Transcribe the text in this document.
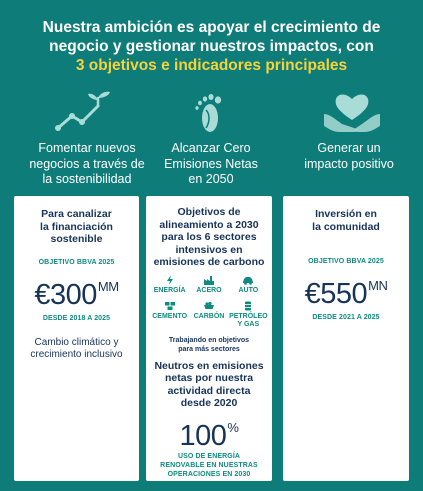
Nuestra ambición es apoyar el crecimiento de
negocio y gestionar nuestros impactos, con
3 objetivos e indicadores principales
Fomentar nuevos
negocios a través de
la sostenibilidad
Alcanzar Cero
Emisiones Netas
en 2050
Generar un
impacto positivo
Para canalizar
la financiación
sostenible
OBJETIVO BBVA 2025
$€300^{MM}$
DESDE 2018 A 2025
Cambio climático y
crecimiento inclusivo
Objetivos de
alineamiento a 2030
para los 6 sectores
intensivos en
emisiones de carbono
ENERGÍA ACERO AUTO
CEMENTO CARBÓN PETRÓLEO
Y GAS
Trabajando en objetivos
para más sectores
Neutros en emisiones
netas por nuestra
actividad directa
desde 2020
100%
USO DE ENERGÍA
RENOVABLE EN NUESTRAS
OPERACIONES EN 2030
Inversión en
la comunidad
OBJETIVO BBVA 2025
$€550^{MN}$
DESDE 2021 A 2025
